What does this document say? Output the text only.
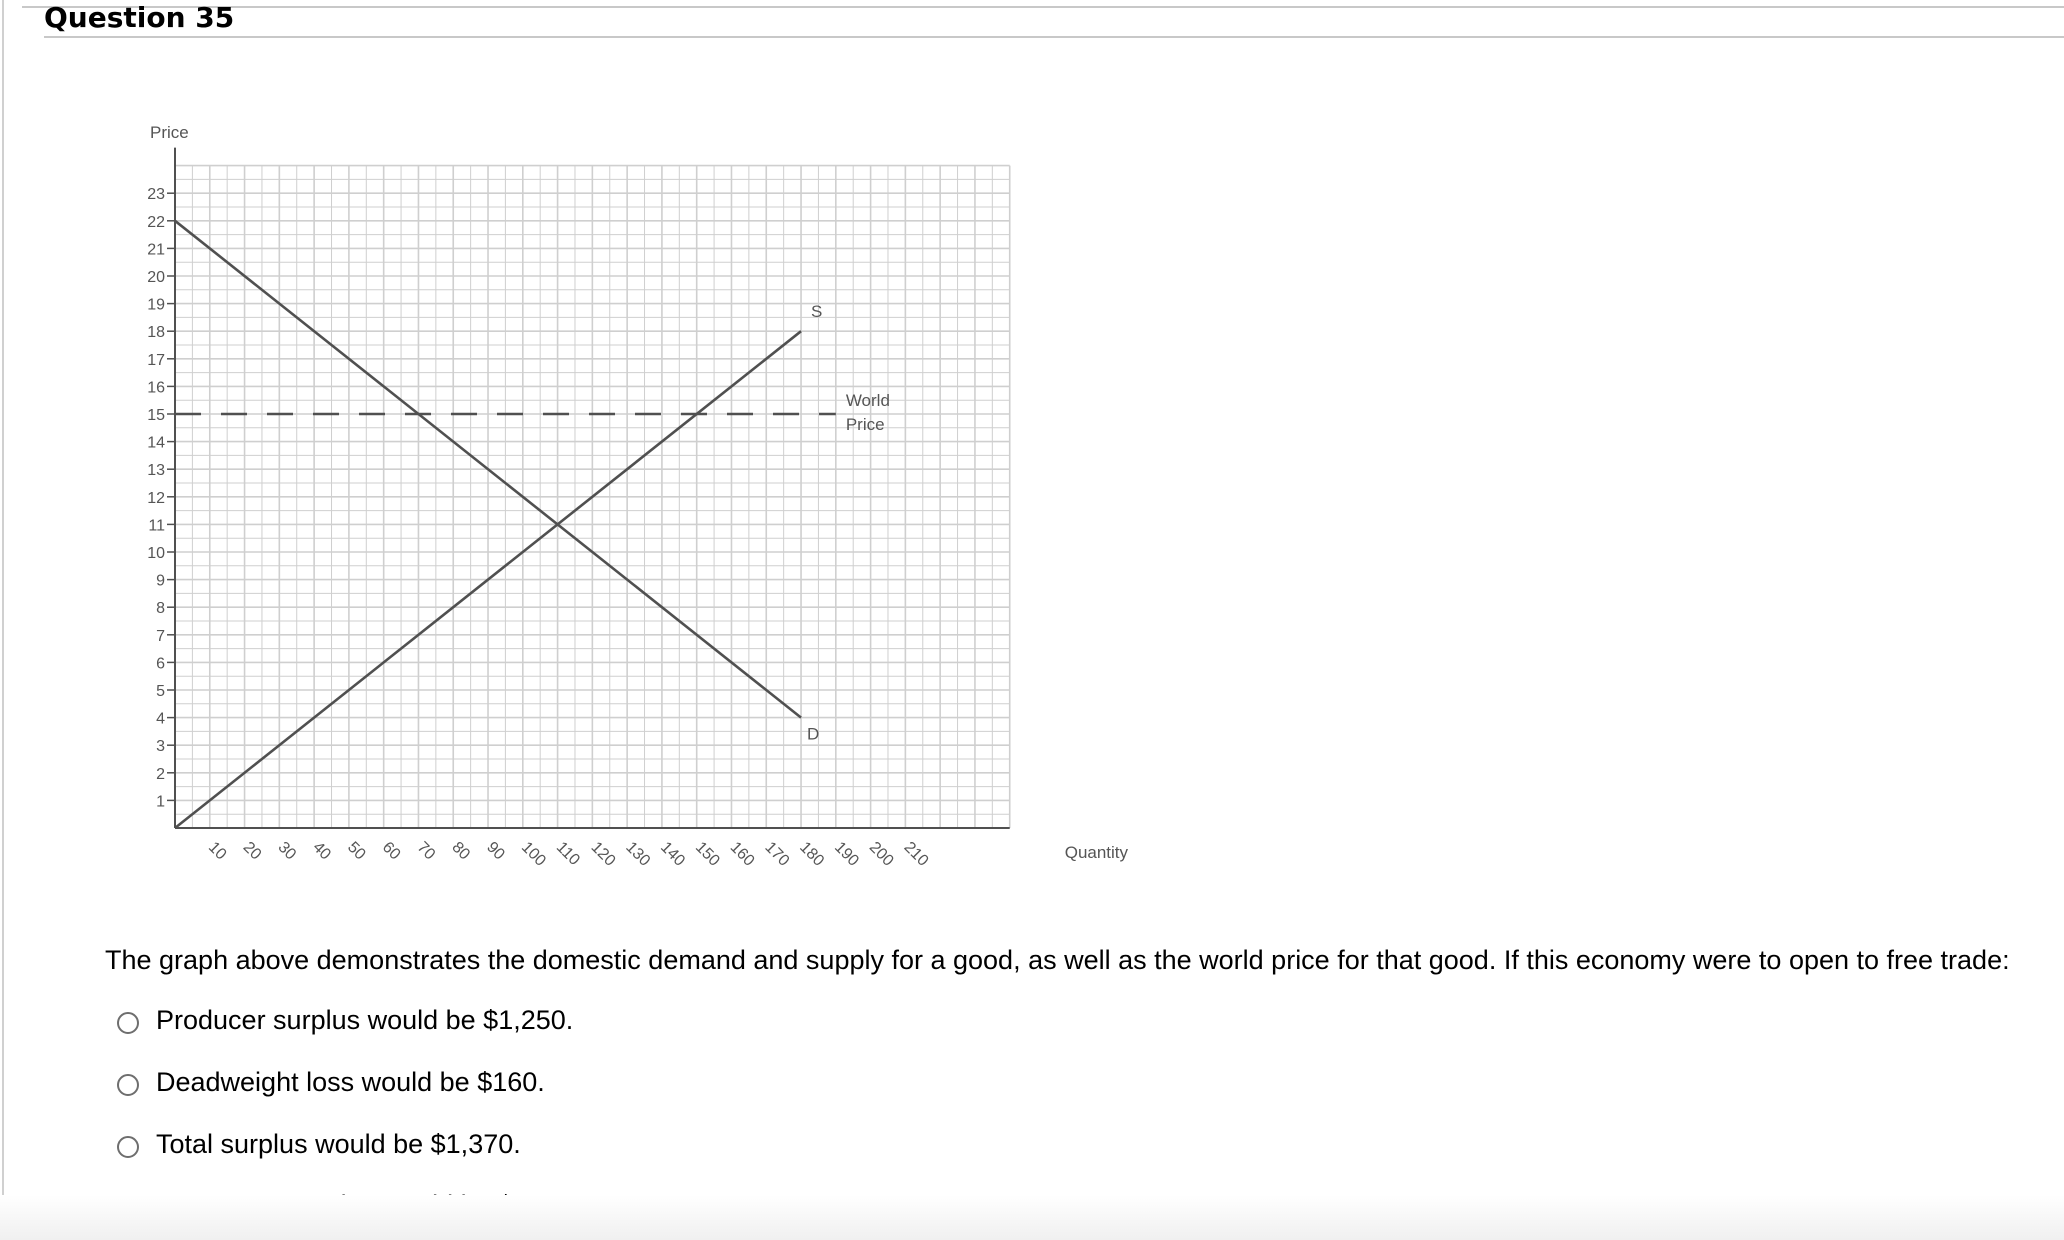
Question 35
1
2
3
4
5
6
7
8
9
10
11
12
13
14
15
16
17
18
19
20
21
22
23
10 20 30 40 50 60 70 80 90 100 110 120 130 140 150 160 170 180 190 200 210
Price
Quantity
World
Price
S
D
The graph above demonstrates the domestic demand and supply for a good, as well as the world price for that good. If this economy were to open to free trade:
Producer surplus would be $1,250.
Deadweight loss would be $160.
Total surplus would be $1,370.
